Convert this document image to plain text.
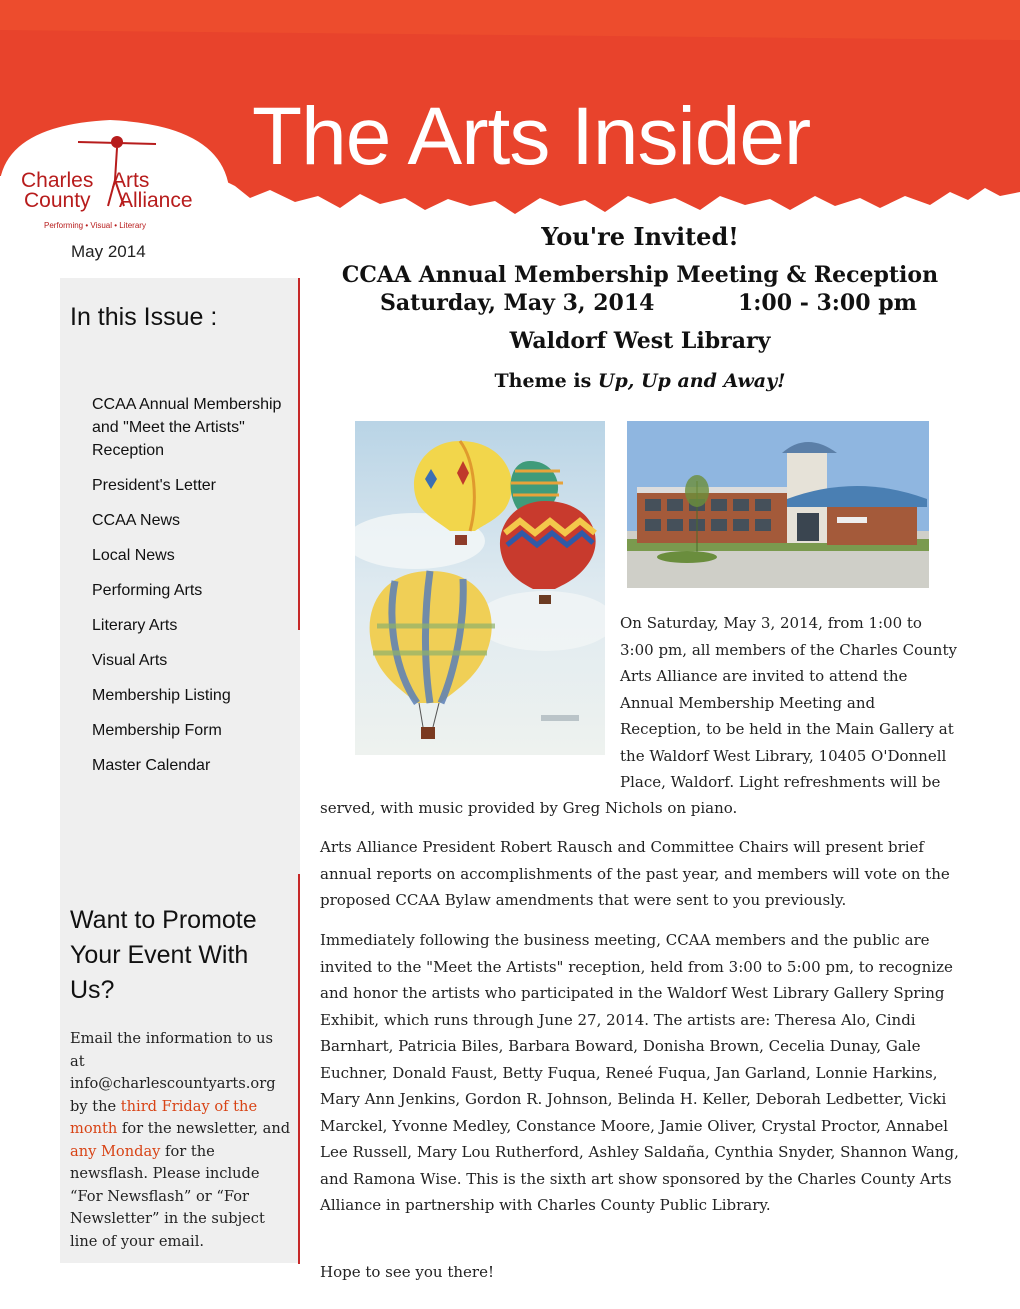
The Arts Insider
Charles Arts
County Alliance
Performing • Visual • Literary
May 2014
In this Issue :
CCAA Annual Membership and "Meet the Artists" Reception
President's Letter
CCAA News
Local News
Performing Arts
Literary Arts
Visual Arts
Membership Listing
Membership Form
Master Calendar
Want to Promote Your Event With Us?
Email the information to us at info@charlescountyarts.org by the third Friday of the month for the newsletter, and any Monday for the newsflash. Please include “For Newsflash” or “For Newsletter” in the subject line of your email.
You're Invited!
CCAA Annual Membership Meeting & Reception
Saturday, May 3, 2014	1:00 - 3:00 pm
Waldorf West Library
Theme is Up, Up and Away!
On Saturday, May 3, 2014, from 1:00 to 3:00 pm, all members of the Charles County Arts Alliance are invited to attend the Annual Membership Meeting and Reception, to be held in the Main Gallery at the Waldorf West Library, 10405 O'Donnell Place, Waldorf. Light refreshments will be
served, with music provided by Greg Nichols on piano.
Arts Alliance President Robert Rausch and Committee Chairs will present brief annual reports on accomplishments of the past year, and members will vote on the proposed CCAA Bylaw amendments that were sent to you previously.
Immediately following the business meeting, CCAA members and the public are invited to the "Meet the Artists" reception, held from 3:00 to 5:00 pm, to recognize and honor the artists who participated in the Waldorf West Library Gallery Spring Exhibit, which runs through June 27, 2014. The artists are: Theresa Alo, Cindi Barnhart, Patricia Biles, Barbara Boward, Donisha Brown, Cecelia Dunay, Gale Euchner, Donald Faust, Betty Fuqua, Reneé Fuqua, Jan Garland, Lonnie Harkins, Mary Ann Jenkins, Gordon R. Johnson, Belinda H. Keller, Deborah Ledbetter, Vicki Marckel, Yvonne Medley, Constance Moore, Jamie Oliver, Crystal Proctor, Annabel Lee Russell, Mary Lou Rutherford, Ashley Saldaña, Cynthia Snyder, Shannon Wang, and Ramona Wise. This is the sixth art show sponsored by the Charles County Arts Alliance in partnership with Charles County Public Library.
Hope to see you there!
